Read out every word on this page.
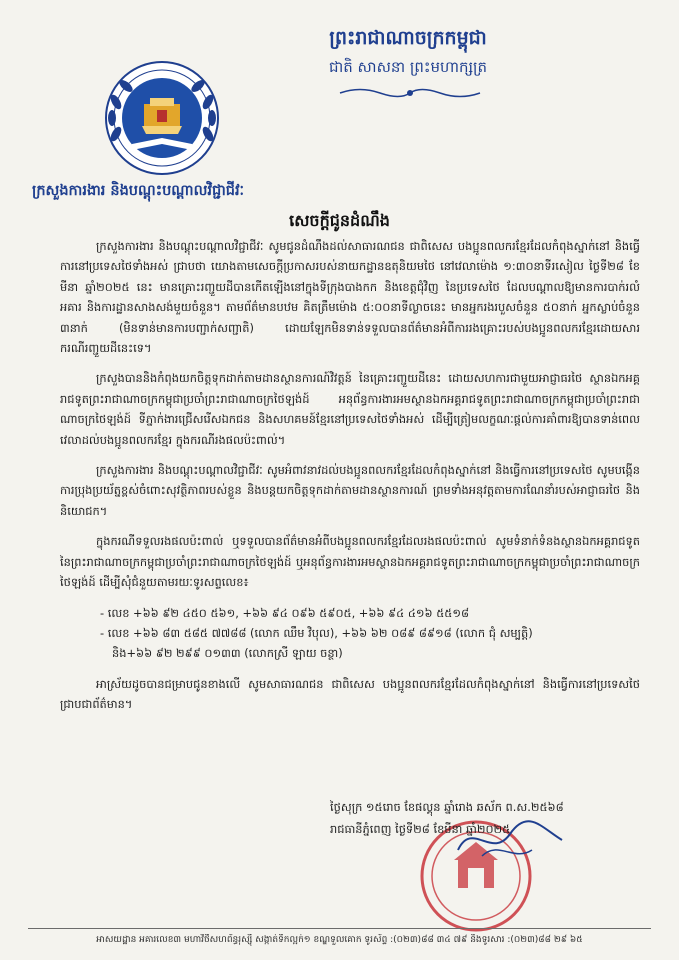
ព្រះរាជាណាចក្រកម្ពុជា
ជាតិ សាសនា ព្រះមហាក្សត្រ
ក្រសួងការងារ និងបណ្តុះបណ្តាលវិជ្ជាជីវៈ
សេចក្តីជូនដំណឹង

ក្រសួងការងារ និងបណ្តុះបណ្តាលវិជ្ជាជីវៈ សូមជូនដំណឹងដល់សាធារណជន ជាពិសេស បងប្អូនពលករខ្មែរដែលកំពុងស្នាក់នៅ និងធ្វើការនៅប្រទេសថៃទាំងអស់ ជ្រាបថា យោងតាមសេចក្តីប្រកាសរបស់នាយកដ្ឋានឧតុនិយមថៃ នៅវេលាម៉ោង ១:៣០នាទីរសៀល ថ្ងៃទី២៨ ខែមីនា ឆ្នាំ២០២៥ នេះ មានគ្រោះរញ្ជួយដីបានកើតឡើងនៅក្នុងទីក្រុងបាងកក និងខេត្តជុំវិញ នៃប្រទេសថៃ ដែលបណ្តាលឱ្យមានការបាក់រលំអគារ និងការដ្ឋានសាងសង់មួយចំនួន។ តាមព័ត៌មានបឋម គិតត្រឹមម៉ោង ៥:០០នាទីល្ងាចនេះ មានអ្នករងរបួសចំនួន ៥០នាក់ អ្នកស្លាប់ចំនួន ៣នាក់ (មិនទាន់មានការបញ្ជាក់សញ្ជាតិ) ដោយឡែកមិនទាន់ទទួលបានព័ត៌មានអំពីការរងគ្រោះរបស់បងប្អូនពលករខ្មែរដោយសារករណីរញ្ជួយដីនេះទេ។

ក្រសួងបាននិងកំពុងយកចិត្តទុកដាក់តាមដានស្ថានការណ៍វិវត្តន៍ នៃគ្រោះរញ្ជួយដីនេះ ដោយសហការជាមួយអាជ្ញាធរថៃ ស្ថានឯកអគ្គរាជទូតព្រះរាជាណាចក្រកម្ពុជាប្រចាំព្រះរាជាណាចក្រថៃឡង់ដ៍ អនុព័ន្ធការងារអមស្ថានឯកអគ្គរាជទូតព្រះរាជាណាចក្រកម្ពុជាប្រចាំព្រះរាជាណាចក្រថៃឡង់ដ៍ ទីភ្នាក់ងារជ្រើសរើសឯកជន និងសហគមន៍ខ្មែរនៅប្រទេសថៃទាំងអស់ ដើម្បីត្រៀមលក្ខណៈផ្តល់ការគាំពារឱ្យបានទាន់ពេលវេលាដល់បងប្អូនពលករខ្មែរ ក្នុងករណីរងផលប៉ះពាល់។

ក្រសួងការងារ និងបណ្តុះបណ្តាលវិជ្ជាជីវៈ សូមអំពាវនាវដល់បងប្អូនពលករខ្មែរដែលកំពុងស្នាក់នៅ និងធ្វើការនៅប្រទេសថៃ សូមបង្កើនការប្រុងប្រយ័ត្នខ្ពស់ចំពោះសុវត្ថិភាពរបស់ខ្លួន និងបន្តយកចិត្តទុកដាក់តាមដានស្ថានការណ៍ ព្រមទាំងអនុវត្តតាមការណែនាំរបស់អាជ្ញាធរថៃ និងនិយោជក។

ក្នុងករណីទទួលរងផលប៉ះពាល់ ឬទទួលបានព័ត៌មានអំពីបងប្អូនពលករខ្មែរដែលរងផលប៉ះពាល់ សូមទំនាក់ទំនងស្ថានឯកអគ្គរាជទូតនៃព្រះរាជាណាចក្រកម្ពុជាប្រចាំព្រះរាជាណាចក្រថៃឡង់ដ៍ ឬអនុព័ន្ធការងារអមស្ថានឯកអគ្គរាជទូតព្រះរាជាណាចក្រកម្ពុជាប្រចាំព្រះរាជាណាចក្រថៃឡង់ដ៍ ដើម្បីសុំជំនួយតាមរយៈទូរសព្ទលេខ៖

- លេខ +៦៦ ៩២ ៤៥០ ៥៦១, +៦៦ ៩៤ ០៩៦ ៥៩០៥, +៦៦ ៩៤ ៤១៦ ៥៥១៨
- លេខ +៦៦ ៨៣ ៥៨៥ ៧៧៨៨ (លោក ឈឹម វិបុល), +៦៦ ៦២ ០៨៩ ៨៩១៨ (លោក ជុំ សម្បត្តិ)
និង+៦៦ ៩២ ២៩៩ ០១៣៣ (លោកស្រី ឡាយ ចន្ថា)

អាស្រ័យដូចបានជម្រាបជូនខាងលើ សូមសាធារណជន ជាពិសេស បងប្អូនពលករខ្មែរដែលកំពុងស្នាក់នៅ និងធ្វើការនៅប្រទេសថៃ ជ្រាបជាព័ត៌មាន។

ថ្ងៃសុក្រ ១៥រោច ខែផល្គុន ឆ្នាំរោង ឆស័ក ព.ស.២៥៦៨
រាជធានីភ្នំពេញ ថ្ងៃទី២៨ ខែមីនា ឆ្នាំ២០២៥
អាសយដ្ឋាន អគារលេខ៣ មហាវិថីសហព័ន្ធរុស្ស៊ី សង្កាត់ទឹកល្អក់១ ខណ្ឌទួលគោក ទូរស័ព្ទ :(០២៣)៨៨ ៣៤ ៧៩ និងទូរសារ :(០២៣)៨៨ ២៩ ៦៥
